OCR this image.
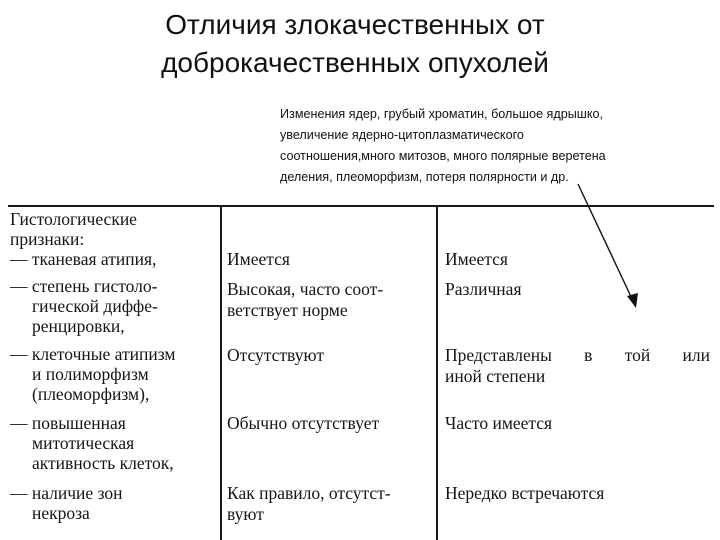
Отличия злокачественных от
доброкачественных опухолей
Изменения ядер, грубый хроматин, большое ядрышко,
увеличение ядерно-цитоплазматического
соотношения,много митозов, много полярные веретена
деления, плеоморфизм, потеря полярности и др.
Гистологические
признаки:
— тканевая атипия,
— степень гистоло-
гической диффе-
ренцировки,
— клеточные атипизм
и полиморфизм
(плеоморфизм),
— повышенная
митотическая
активность клеток,
— наличие зон
некроза
Имеется
Высокая, часто соот-
ветствует норме
Отсутствуют
Обычно отсутствует
Как правило, отсутст-
вуют
Имеется
Различная
Представлены в той или
иной степени
Часто имеется
Нередко встречаются
